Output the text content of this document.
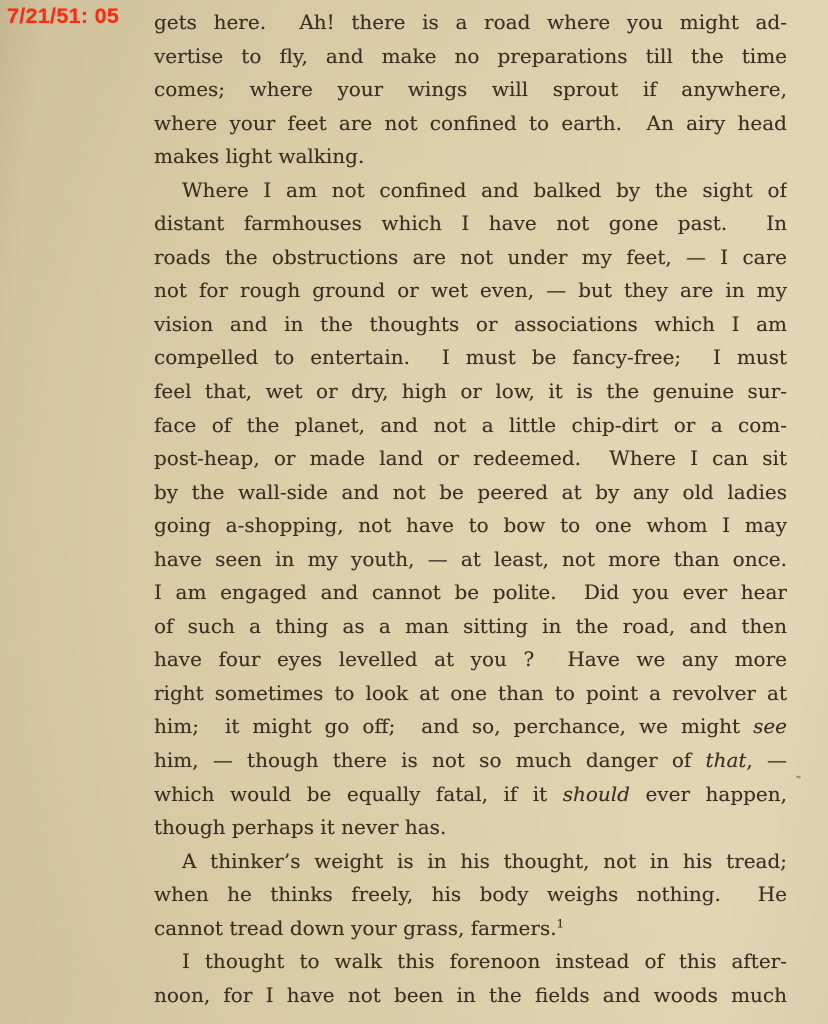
7/21/51: 05 gets here.  Ah! there is a road where you might ad-
vertise to fly, and make no preparations till the time
comes; where your wings will sprout if anywhere,
where your feet are not confined to earth.  An airy head
makes light walking.
Where I am not confined and balked by the sight of
distant farmhouses which I have not gone past.  In
roads the obstructions are not under my feet, — I care
not for rough ground or wet even, — but they are in my
vision and in the thoughts or associations which I am
compelled to entertain.  I must be fancy-free;  I must
feel that, wet or dry, high or low, it is the genuine sur-
face of the planet, and not a little chip-dirt or a com-
post-heap, or made land or redeemed.  Where I can sit
by the wall-side and not be peered at by any old ladies
going a-shopping, not have to bow to one whom I may
have seen in my youth, — at least, not more than once.
I am engaged and cannot be polite.  Did you ever hear
of such a thing as a man sitting in the road, and then
have four eyes levelled at you ?  Have we any more
right sometimes to look at one than to point a revolver at
him;  it might go off;  and so, perchance, we might see
him, — though there is not so much danger of that, —
which would be equally fatal, if it should ever happen,
though perhaps it never has.
A thinker’s weight is in his thought, not in his tread;
when he thinks freely, his body weighs nothing.  He
cannot tread down your grass, farmers.$^1$
I thought to walk this forenoon instead of this after-
noon, for I have not been in the fields and woods much
